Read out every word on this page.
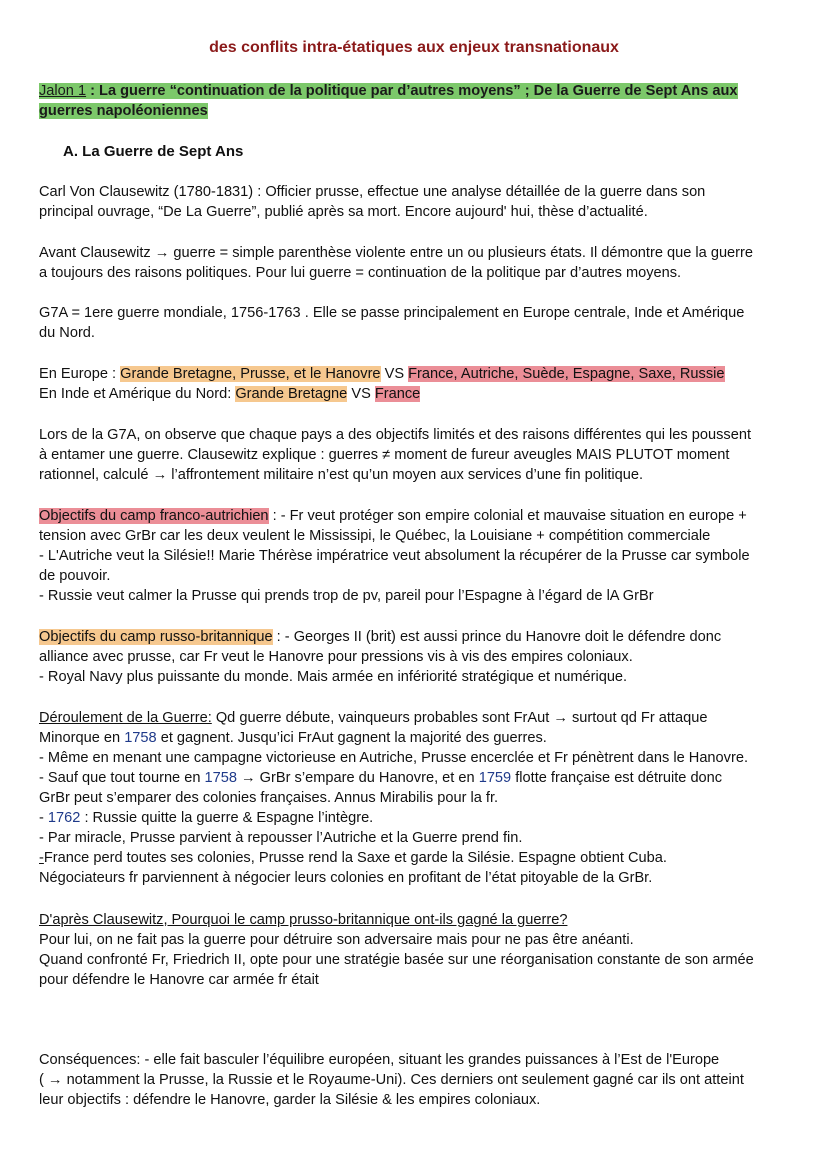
des conflits intra-étatiques aux enjeux transnationaux
Jalon 1 : La guerre “continuation de la politique par d’autres moyens” ; De la Guerre de Sept Ans aux
guerres napoléoniennes
A. La Guerre de Sept Ans
Carl Von Clausewitz (1780-1831) : Officier prusse, effectue une analyse détaillée de la guerre dans son
principal ouvrage, “De La Guerre”, publié après sa mort. Encore aujourd' hui, thèse d’actualité.
Avant Clausewitz → guerre = simple parenthèse violente entre un ou plusieurs états. Il démontre que la guerre
a toujours des raisons politiques. Pour lui guerre = continuation de la politique par d’autres moyens.
G7A = 1ere guerre mondiale, 1756-1763 . Elle se passe principalement en Europe centrale, Inde et Amérique
du Nord.
En Europe : Grande Bretagne, Prusse, et le Hanovre VS France, Autriche, Suède, Espagne, Saxe, Russie
En Inde et Amérique du Nord: Grande Bretagne VS France
Lors de la G7A, on observe que chaque pays a des objectifs limités et des raisons différentes qui les poussent
à entamer une guerre. Clausewitz explique : guerres ≠ moment de fureur aveugles MAIS PLUTOT moment
rationnel, calculé → l’affrontement militaire n’est qu’un moyen aux services d’une fin politique.
Objectifs du camp franco-autrichien : - Fr veut protéger son empire colonial et mauvaise situation en europe +
tension avec GrBr car les deux veulent le Mississipi, le Québec, la Louisiane + compétition commerciale
- L'Autriche veut la Silésie!! Marie Thérèse impératrice veut absolument la récupérer de la Prusse car symbole
de pouvoir.
- Russie veut calmer la Prusse qui prends trop de pv, pareil pour l’Espagne à l’égard de lA GrBr
Objectifs du camp russo-britannique : - Georges II (brit) est aussi prince du Hanovre doit le défendre donc
alliance avec prusse, car Fr veut le Hanovre pour pressions vis à vis des empires coloniaux.
- Royal Navy plus puissante du monde. Mais armée en infériorité stratégique et numérique.
Déroulement de la Guerre: Qd guerre débute, vainqueurs probables sont FrAut → surtout qd Fr attaque
Minorque en 1758 et gagnent. Jusqu’ici FrAut gagnent la majorité des guerres.
- Même en menant une campagne victorieuse en Autriche, Prusse encerclée et Fr pénètrent dans le Hanovre.
- Sauf que tout tourne en 1758 → GrBr s’empare du Hanovre, et en 1759 flotte française est détruite donc
GrBr peut s’emparer des colonies françaises. Annus Mirabilis pour la fr.
- 1762 : Russie quitte la guerre & Espagne l’intègre.
- Par miracle, Prusse parvient à repousser l’Autriche et la Guerre prend fin.
-France perd toutes ses colonies, Prusse rend la Saxe et garde la Silésie. Espagne obtient Cuba.
Négociateurs fr parviennent à négocier leurs colonies en profitant de l’état pitoyable de la GrBr.
D'après Clausewitz, Pourquoi le camp prusso-britannique ont-ils gagné la guerre?
Pour lui, on ne fait pas la guerre pour détruire son adversaire mais pour ne pas être anéanti.
Quand confronté Fr, Friedrich II, opte pour une stratégie basée sur une réorganisation constante de son armée
pour défendre le Hanovre car armée fr était
Conséquences: - elle fait basculer l’équilibre européen, situant les grandes puissances à l’Est de l'Europe
( → notamment la Prusse, la Russie et le Royaume-Uni). Ces derniers ont seulement gagné car ils ont atteint
leur objectifs : défendre le Hanovre, garder la Silésie & les empires coloniaux.
